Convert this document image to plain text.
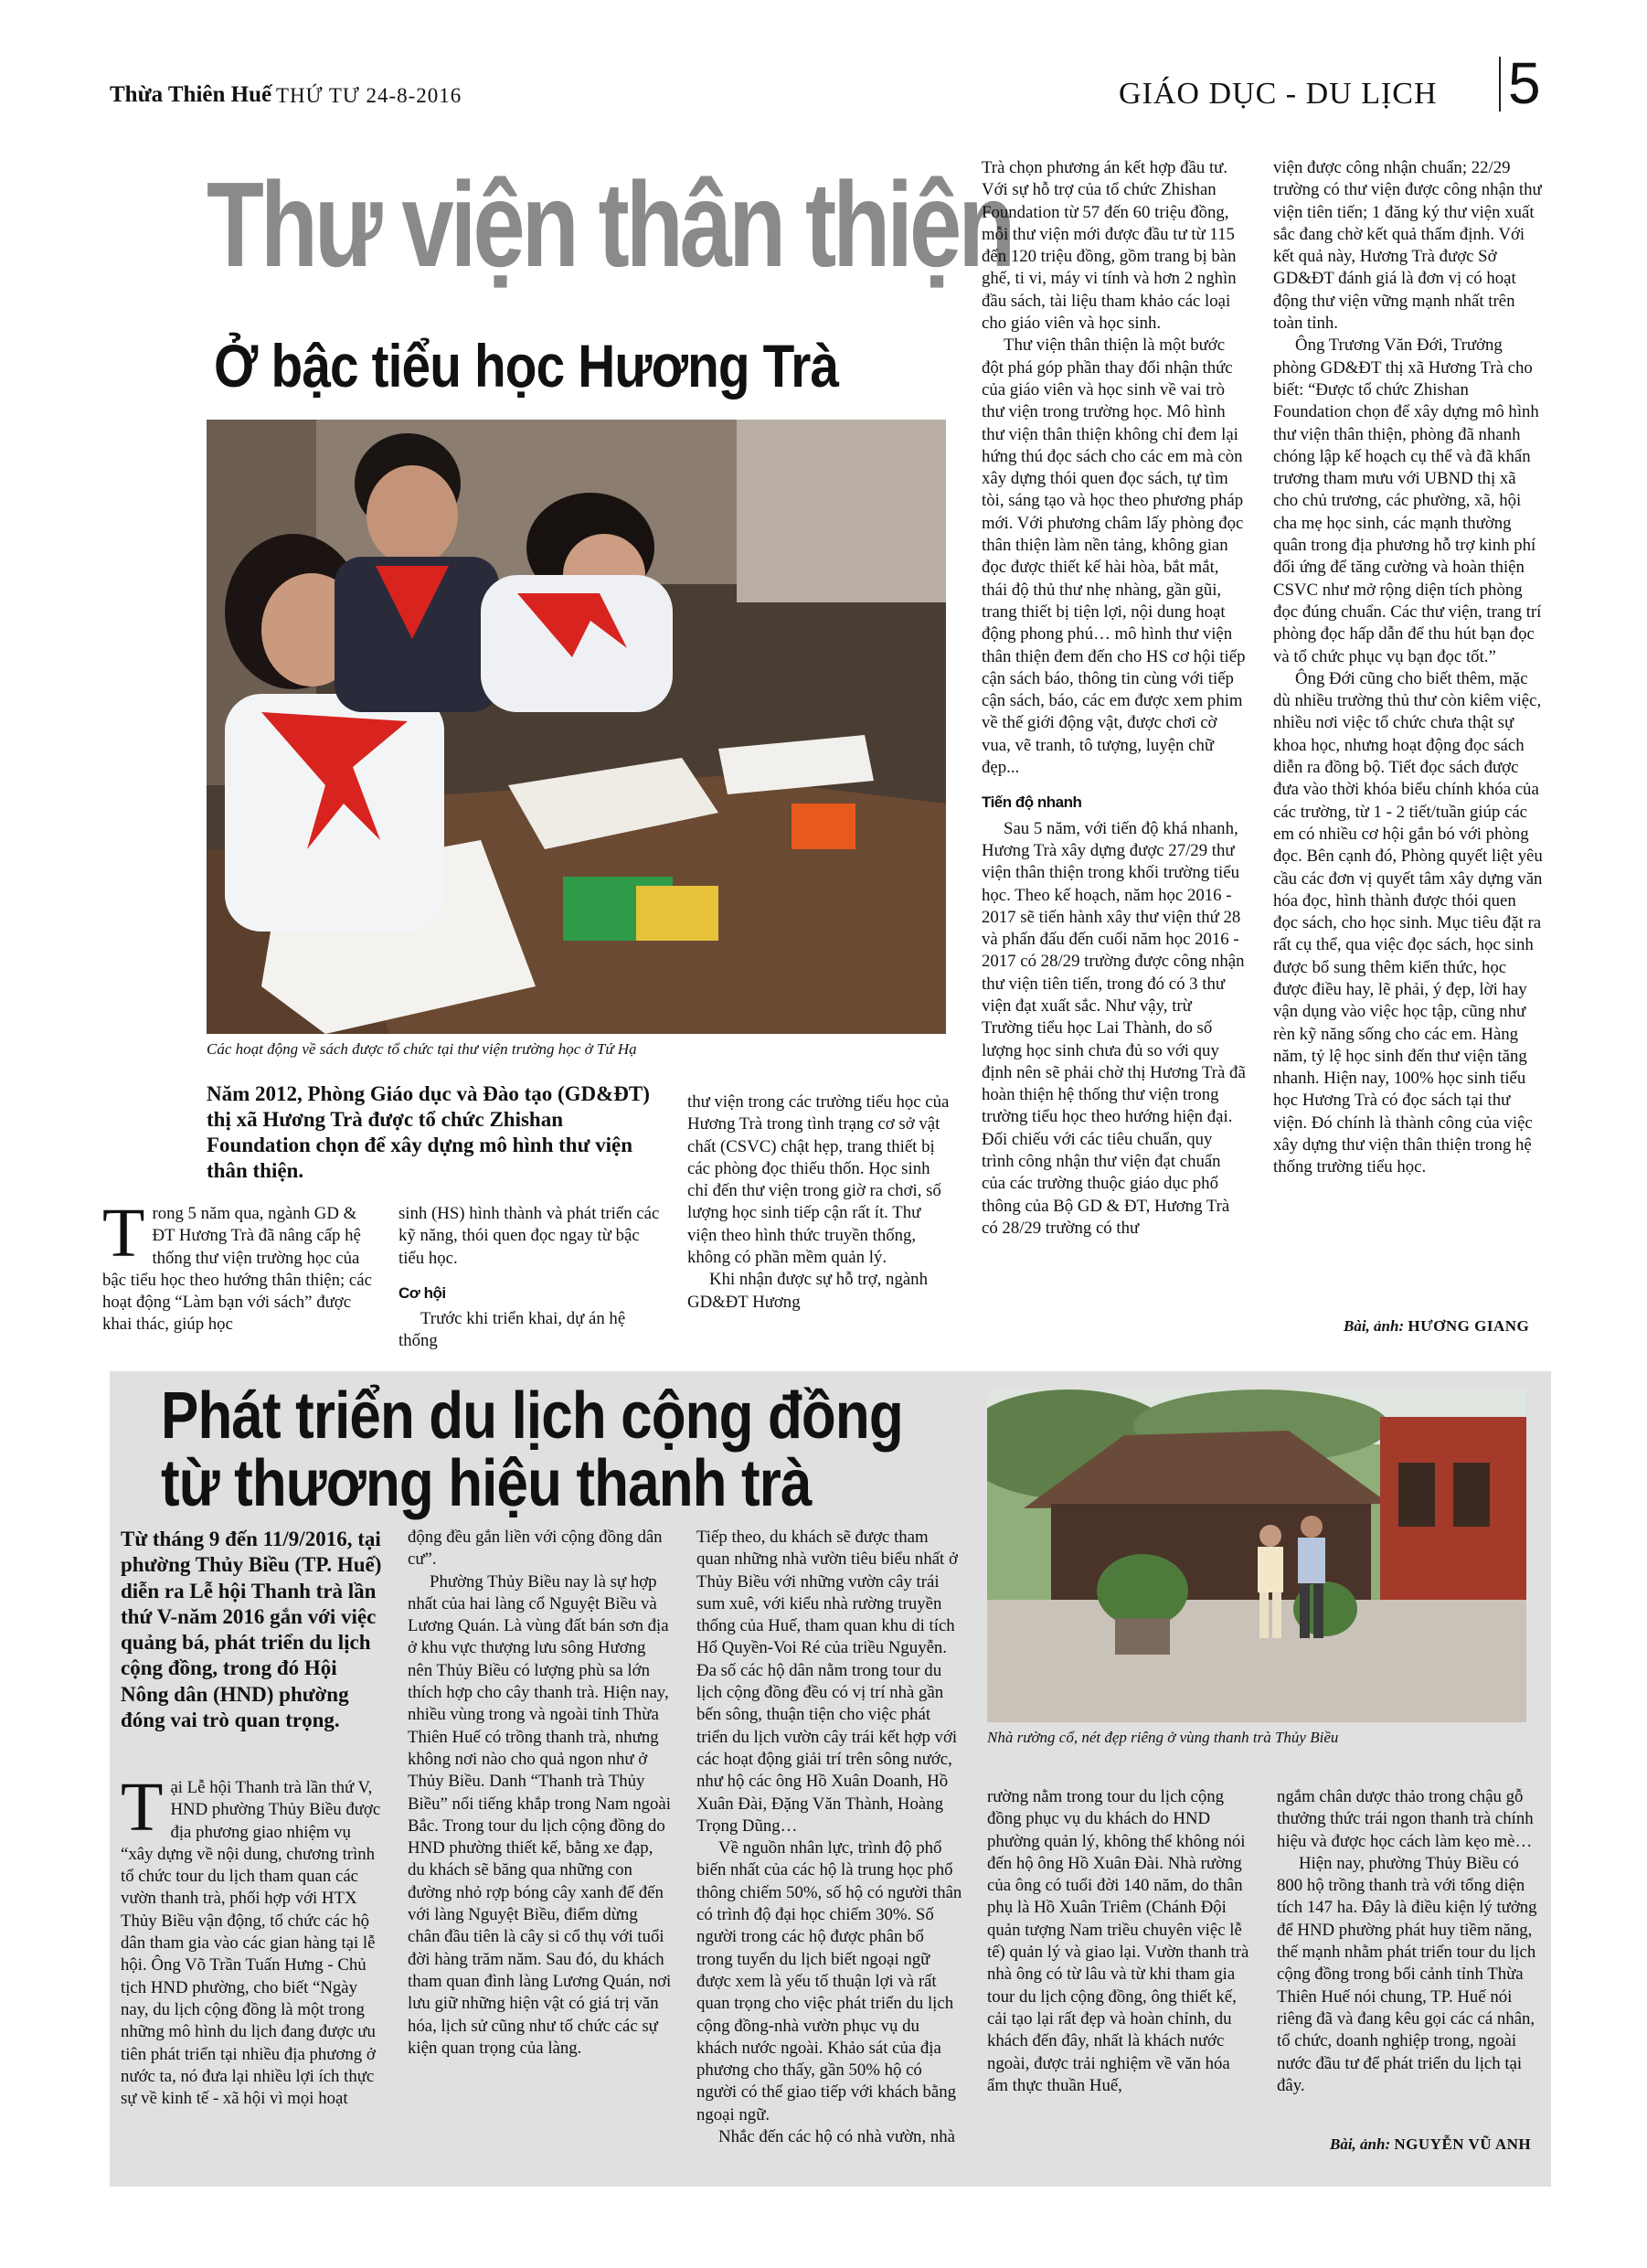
Thừa Thiên Huế THỨ TƯ 24-8-2016	GIÁO DỤC - DU LỊCH 5
Thư viện thân thiện
Ở bậc tiểu học Hương Trà
Các hoạt động về sách được tổ chức tại thư viện trường học ở Tứ Hạ
Năm 2012, Phòng Giáo dục và Đào tạo (GD&ĐT) thị xã Hương Trà được tổ chức Zhishan Foundation chọn để xây dựng mô hình thư viện thân thiện.

Trong 5 năm qua, ngành GD & ĐT Hương Trà đã nâng cấp hệ thống thư viện trường học của bậc tiểu học theo hướng thân thiện; các hoạt động “Làm bạn với sách” được khai thác, giúp học

sinh (HS) hình thành và phát triển các kỹ năng, thói quen đọc ngay từ bậc tiểu học.

Cơ hội

Trước khi triển khai, dự án hệ thống

thư viện trong các trường tiểu học của Hương Trà trong tình trạng cơ sở vật chất (CSVC) chật hẹp, trang thiết bị các phòng đọc thiếu thốn. Học sinh chỉ đến thư viện trong giờ ra chơi, số lượng học sinh tiếp cận rất ít. Thư viện theo hình thức truyền thống, không có phần mềm quản lý.

Khi nhận được sự hỗ trợ, ngành GD&ĐT Hương

Trà chọn phương án kết hợp đầu tư. Với sự hỗ trợ của tổ chức Zhishan Foundation từ 57 đến 60 triệu đồng, mỗi thư viện mới được đầu tư từ 115 đến 120 triệu đồng, gồm trang bị bàn ghế, ti vi, máy vi tính và hơn 2 nghìn đầu sách, tài liệu tham khảo các loại cho giáo viên và học sinh.

Thư viện thân thiện là một bước đột phá góp phần thay đổi nhận thức của giáo viên và học sinh về vai trò thư viện trong trường học. Mô hình thư viện thân thiện không chỉ đem lại hứng thú đọc sách cho các em mà còn xây dựng thói quen đọc sách, tự tìm tòi, sáng tạo và học theo phương pháp mới. Với phương châm lấy phòng đọc thân thiện làm nền tảng, không gian đọc được thiết kế hài hòa, bắt mắt, thái độ thủ thư nhẹ nhàng, gần gũi, trang thiết bị tiện lợi, nội dung hoạt động phong phú… mô hình thư viện thân thiện đem đến cho HS cơ hội tiếp cận sách báo, thông tin cùng với tiếp cận sách, báo, các em được xem phim về thế giới động vật, được chơi cờ vua, vẽ tranh, tô tượng, luyện chữ đẹp...

Tiến độ nhanh

Sau 5 năm, với tiến độ khá nhanh, Hương Trà xây dựng được 27/29 thư viện thân thiện trong khối trường tiểu học. Theo kế hoạch, năm học 2016 - 2017 sẽ tiến hành xây thư viện thứ 28 và phấn đấu đến cuối năm học 2016 - 2017 có 28/29 trường được công nhận thư viện tiên tiến, trong đó có 3 thư viện đạt xuất sắc. Như vậy, trừ Trường tiểu học Lai Thành, do số lượng học sinh chưa đủ so với quy định nên sẽ phải chờ thị Hương Trà đã hoàn thiện hệ thống thư viện trong trường tiểu học theo hướng hiện đại. Đối chiếu với các tiêu chuẩn, quy trình công nhận thư viện đạt chuẩn của các trường thuộc giáo dục phổ thông của Bộ GD & ĐT, Hương Trà có 28/29 trường có thư

viện được công nhận chuẩn; 22/29 trường có thư viện được công nhận thư viện tiên tiến; 1 đăng ký thư viện xuất sắc đang chờ kết quả thẩm định. Với kết quả này, Hương Trà được Sở GD&ĐT đánh giá là đơn vị có hoạt động thư viện vững mạnh nhất trên toàn tỉnh.

Ông Trương Văn Đới, Trưởng phòng GD&ĐT thị xã Hương Trà cho biết: “Được tổ chức Zhishan Foundation chọn để xây dựng mô hình thư viện thân thiện, phòng đã nhanh chóng lập kế hoạch cụ thể và đã khẩn trương tham mưu với UBND thị xã cho chủ trương, các phường, xã, hội cha mẹ học sinh, các mạnh thường quân trong địa phương hỗ trợ kinh phí đối ứng để tăng cường và hoàn thiện CSVC như mở rộng diện tích phòng đọc đúng chuẩn. Các thư viện, trang trí phòng đọc hấp dẫn để thu hút bạn đọc và tổ chức phục vụ bạn đọc tốt.”

Ông Đới cũng cho biết thêm, mặc dù nhiều trường thủ thư còn kiêm việc, nhiều nơi việc tổ chức chưa thật sự khoa học, nhưng hoạt động đọc sách diễn ra đồng bộ. Tiết đọc sách được đưa vào thời khóa biểu chính khóa của các trường, từ 1 - 2 tiết/tuần giúp các em có nhiều cơ hội gắn bó với phòng đọc. Bên cạnh đó, Phòng quyết liệt yêu cầu các đơn vị quyết tâm xây dựng văn hóa đọc, hình thành được thói quen đọc sách, cho học sinh. Mục tiêu đặt ra rất cụ thể, qua việc đọc sách, học sinh được bổ sung thêm kiến thức, học được điều hay, lẽ phải, ý đẹp, lời hay vận dụng vào việc học tập, cũng như rèn kỹ năng sống cho các em. Hàng năm, tỷ lệ học sinh đến thư viện tăng nhanh. Hiện nay, 100% học sinh tiểu học Hương Trà có đọc sách tại thư viện. Đó chính là thành công của việc xây dựng thư viện thân thiện trong hệ thống trường tiểu học.

Bài, ảnh: HƯƠNG GIANG
Phát triển du lịch cộng đồng
từ thương hiệu thanh trà
Từ tháng 9 đến 11/9/2016, tại phường Thủy Biều (TP. Huế) diễn ra Lễ hội Thanh trà lần thứ V-năm 2016 gắn với việc quảng bá, phát triển du lịch cộng đồng, trong đó Hội Nông dân (HND) phường đóng vai trò quan trọng.
Nhà rường cổ, nét đẹp riêng ở vùng thanh trà Thủy Biều

Tại Lễ hội Thanh trà lần thứ V, HND phường Thủy Biều được địa phương giao nhiệm vụ “xây dựng về nội dung, chương trình tổ chức tour du lịch tham quan các vườn thanh trà, phối hợp với HTX Thủy Biều vận động, tổ chức các hộ dân tham gia vào các gian hàng tại lễ hội. Ông Võ Trần Tuấn Hưng - Chủ tịch HND phường, cho biết “Ngày nay, du lịch cộng đồng là một trong những mô hình du lịch đang được ưu tiên phát triển tại nhiều địa phương ở nước ta, nó đưa lại nhiều lợi ích thực sự về kinh tế - xã hội vì mọi hoạt

động đều gắn liền với cộng đồng dân cư”.

Phường Thủy Biều nay là sự hợp nhất của hai làng cổ Nguyệt Biều và Lương Quán. Là vùng đất bán sơn địa ở khu vực thượng lưu sông Hương nên Thủy Biều có lượng phù sa lớn thích hợp cho cây thanh trà. Hiện nay, nhiều vùng trong và ngoài tỉnh Thừa Thiên Huế có trồng thanh trà, nhưng không nơi nào cho quả ngon như ở Thủy Biều. Danh “Thanh trà Thủy Biều” nổi tiếng khắp trong Nam ngoài Bắc. Trong tour du lịch cộng đồng do HND phường thiết kế, bằng xe đạp, du khách sẽ băng qua những con đường nhỏ rợp bóng cây xanh để đến với làng Nguyệt Biều, điểm dừng chân đầu tiên là cây si cổ thụ với tuổi đời hàng trăm năm. Sau đó, du khách tham quan đình làng Lương Quán, nơi lưu giữ những hiện vật có giá trị văn hóa, lịch sử cũng như tổ chức các sự kiện quan trọng của làng.

Tiếp theo, du khách sẽ được tham quan những nhà vườn tiêu biểu nhất ở Thủy Biều với những vườn cây trái sum xuê, với kiểu nhà rường truyền thống của Huế, tham quan khu di tích Hổ Quyền-Voi Ré của triều Nguyễn. Đa số các hộ dân nằm trong tour du lịch cộng đồng đều có vị trí nhà gần bến sông, thuận tiện cho việc phát triển du lịch vườn cây trái kết hợp với các hoạt động giải trí trên sông nước, như hộ các ông Hồ Xuân Doanh, Hồ Xuân Đài, Đặng Văn Thành, Hoàng Trọng Dũng…

Về nguồn nhân lực, trình độ phổ biến nhất của các hộ là trung học phổ thông chiếm 50%, số hộ có người thân có trình độ đại học chiếm 30%. Số người trong các hộ được phân bổ trong tuyển du lịch biết ngoại ngữ được xem là yếu tố thuận lợi và rất quan trọng cho việc phát triển du lịch cộng đồng-nhà vườn phục vụ du khách nước ngoài. Khảo sát của địa phương cho thấy, gần 50% hộ có người có thể giao tiếp với khách bằng ngoại ngữ.

Nhắc đến các hộ có nhà vườn, nhà

rường nằm trong tour du lịch cộng đồng phục vụ du khách do HND phường quản lý, không thể không nói đến hộ ông Hồ Xuân Đài. Nhà rường của ông có tuổi đời 140 năm, do thân phụ là Hồ Xuân Triêm (Chánh Đội quản tượng Nam triều chuyên việc lễ tế) quản lý và giao lại. Vườn thanh trà nhà ông có từ lâu và từ khi tham gia tour du lịch cộng đồng, ông thiết kế, cải tạo lại rất đẹp và hoàn chỉnh, du khách đến đây, nhất là khách nước ngoài, được trải nghiệm về văn hóa ẩm thực thuần Huế,

ngắm chân dược thảo trong chậu gỗ thưởng thức trái ngon thanh trà chính hiệu và được học cách làm kẹo mè…

Hiện nay, phường Thủy Biều có 800 hộ trồng thanh trà với tổng diện tích 147 ha. Đây là điều kiện lý tưởng để HND phường phát huy tiềm năng, thế mạnh nhằm phát triển tour du lịch cộng đồng trong bối cảnh tỉnh Thừa Thiên Huế nói chung, TP. Huế nói riêng đã và đang kêu gọi các cá nhân, tổ chức, doanh nghiệp trong, ngoài nước đầu tư để phát triển du lịch tại đây.

Bài, ảnh: NGUYỄN VŨ ANH
